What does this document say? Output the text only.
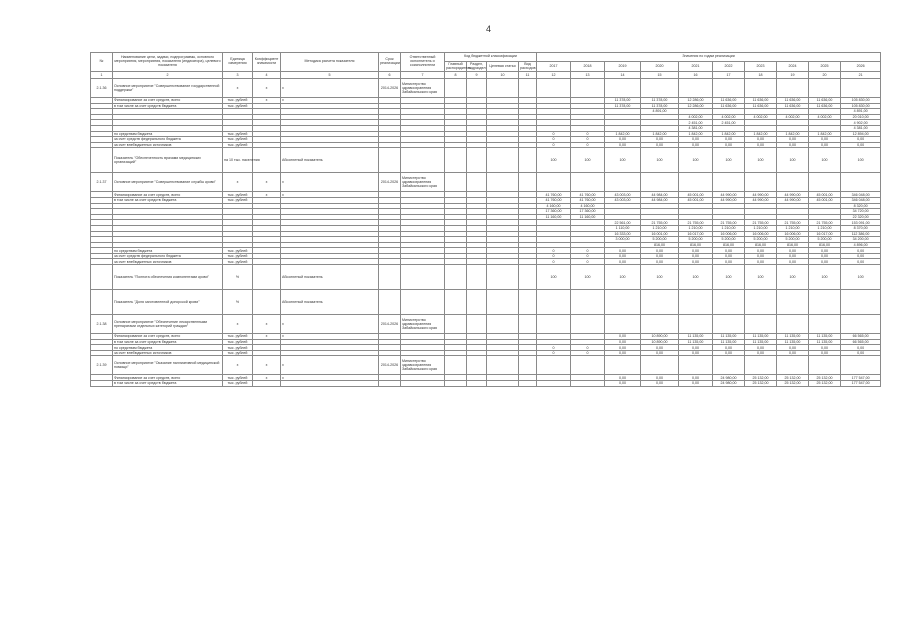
4
№	Наименование цели, задачи, подпрограммы, основного мероприятия, мероприятия, показателя (индикатора), целевого показателя	Единица измерения	Коэффициент значимости	Методика расчета показателя	Срок реализации	Ответственный исполнитель и соисполнители	Код бюджетной классификации				Значения по годам реализации									
							Главный распорядитель	Раздел, подраздел	Целевая статья	Вид расходов	2017	2018	2019	2020	2021	2022	2023	2024	2025	2026
1	2	3	4	5	6	7	8	9	10	11	12	13	14	15	16	17	18	19	20	21
2.1.36	Основное мероприятие "Совершенствование государственной поддержки"	х	х	х	2014-2026	Министерство здравоохранения Забайкальского края														
	Финансирование за счет средств, всего	тыс. рублей	х	х									11 378,00	11 378,00	12 286,00	11 636,00	11 636,00	11 636,00	11 636,00	105 830,00
	в том числе за счет средств бюджета	тыс. рублей											11 378,00	11 378,00	12 286,00	11 636,00	11 636,00	11 636,00	11 636,00	105 830,00
														4 891,00						4 891,00
															4 002,00	4 002,00	4 002,00	4 002,00	4 002,00	20 010,00
															2 451,00	2 451,00				4 902,00
															4 381,00					4 381,00
	по средствам бюджета	тыс. рублей									0	0	1 842,00	1 842,00	1 842,00	1 842,00	1 842,00	1 842,00	1 842,00	12 894,00
	за счет средств федерального бюджета	тыс. рублей									0	0	0,00	0,00	0,00	0,00	0,00	0,00	0,00	0,00
	за счет внебюджетных источников	тыс. рублей									0	0	0,00	0,00	0,00	0,00	0,00	0,00	0,00	0,00
	Показатель "Обеспеченность врачами медицинских организаций"	на 10 тыс. населения		Абсолютный показатель							100	100	100	100	100	100	100	100	100	100
2.1.37	Основное мероприятие "Совершенствование службы крови"	х	х	х	2014-2026	Министерство здравоохранения Забайкальского края														
	Финансирование за счет средств, всего	тыс. рублей	х	х							41 760,00	41 760,00	43 003,00	44 984,00	45 001,00	44 990,00	44 990,00	44 990,00	45 001,00	346 048,00
	в том числе за счет средств бюджета	тыс. рублей									41 760,00	41 760,00	43 003,00	44 984,00	45 001,00	44 990,00	44 990,00	44 990,00	45 001,00	346 048,00
											4 160,00	4 160,00								8 320,00
											17 360,00	17 360,00								34 720,00
											11 160,00	11 160,00								22 320,00
													22 561,00	21 755,00	21 755,00	21 755,00	21 755,00	21 755,00	21 755,00	153 091,00
													1 110,00	1 210,00	1 210,00	1 210,00	1 210,00	1 210,00	1 210,00	8 370,00
													16 333,00	16 001,00	16 017,00	16 006,00	16 006,00	16 006,00	16 017,00	112 386,00
													3 000,00	5 200,00	5 200,00	5 200,00	5 200,00	5 200,00	5 200,00	34 200,00
														816,00	816,00	816,00	816,00	816,00	816,00	4 896,00
	по средствам бюджета	тыс. рублей									0	0	0,00	0,00	0,00	0,00	0,00	0,00	0,00	0,00
	за счет средств федерального бюджета	тыс. рублей									0	0	0,00	0,00	0,00	0,00	0,00	0,00	0,00	0,00
	за счет внебюджетных источников	тыс. рублей									0	0	0,00	0,00	0,00	0,00	0,00	0,00	0,00	0,00
	Показатель "Полнота обеспечения компонентами крови"	%		Абсолютный показатель							100	100	100	100	100	100	100	100	100	100
	Показатель "Доля заготовленной донорской крови"	%		Абсолютный показатель																
2.1.38	Основное мероприятие "Обеспечение лекарственными препаратами отдельных категорий граждан"	х	х	х	2014-2026	Министерство здравоохранения Забайкальского края														
	Финансирование за счет средств, всего	тыс. рублей	х	х									0,00	10 890,00	11 135,00	11 135,00	11 135,00	11 135,00	11 135,00	66 565,00
	в том числе за счет средств бюджета	тыс. рублей											0,00	10 890,00	11 135,00	11 135,00	11 135,00	11 135,00	11 135,00	66 565,00
	по средствам бюджета	тыс. рублей									0	0	0,00	0,00	0,00	0,00	0,00	0,00	0,00	0,00
	за счет внебюджетных источников	тыс. рублей									0	0	0,00	0,00	0,00	0,00	0,00	0,00	0,00	0,00
2.1.39	Основное мероприятие "Оказание паллиативной медицинской помощи"	х	х	х	2014-2026	Министерство здравоохранения Забайкальского края														
	Финансирование за счет средств, всего	тыс. рублей	х	х									0,00	0,00	0,00	24 980,00	25 132,00	25 132,00	25 132,00	177 547,00
	в том числе за счет средств бюджета	тыс. рублей											0,00	0,00	0,00	24 980,00	25 132,00	25 132,00	25 132,00	177 547,00
